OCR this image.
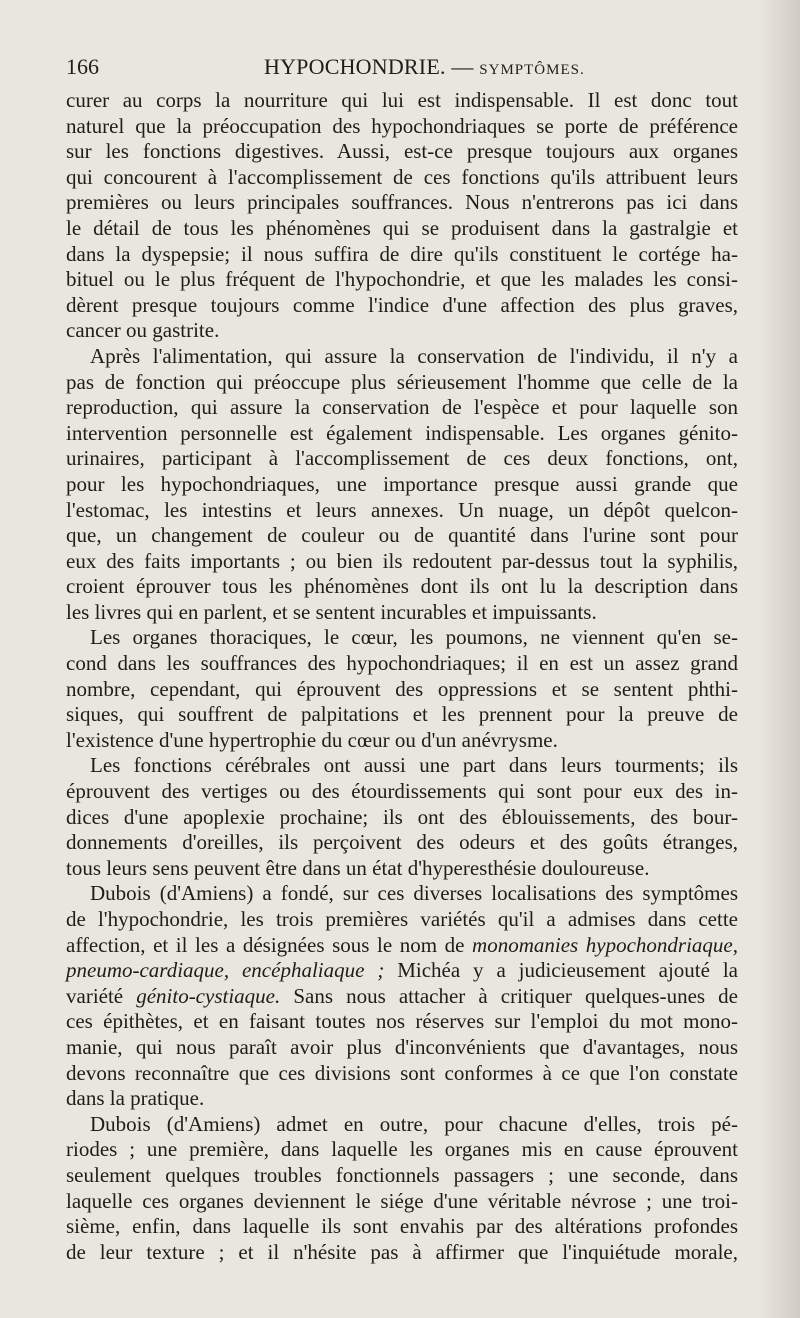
166	HYPOCHONDRIE. — SYMPTÔMES.
curer au corps la nourriture qui lui est indispensable. Il est donc tout
naturel que la préoccupation des hypochondriaques se porte de préférence
sur les fonctions digestives. Aussi, est-ce presque toujours aux organes
qui concourent à l'accomplissement de ces fonctions qu'ils attribuent leurs
premières ou leurs principales souffrances. Nous n'entrerons pas ici dans
le détail de tous les phénomènes qui se produisent dans la gastralgie et
dans la dyspepsie; il nous suffira de dire qu'ils constituent le cortége ha-
bituel ou le plus fréquent de l'hypochondrie, et que les malades les consi-
dèrent presque toujours comme l'indice d'une affection des plus graves,
cancer ou gastrite.
Après l'alimentation, qui assure la conservation de l'individu, il n'y a
pas de fonction qui préoccupe plus sérieusement l'homme que celle de la
reproduction, qui assure la conservation de l'espèce et pour laquelle son
intervention personnelle est également indispensable. Les organes génito-
urinaires, participant à l'accomplissement de ces deux fonctions, ont,
pour les hypochondriaques, une importance presque aussi grande que
l'estomac, les intestins et leurs annexes. Un nuage, un dépôt quelcon-
que, un changement de couleur ou de quantité dans l'urine sont pour
eux des faits importants ; ou bien ils redoutent par-dessus tout la syphilis,
croient éprouver tous les phénomènes dont ils ont lu la description dans
les livres qui en parlent, et se sentent incurables et impuissants.
Les organes thoraciques, le cœur, les poumons, ne viennent qu'en se-
cond dans les souffrances des hypochondriaques; il en est un assez grand
nombre, cependant, qui éprouvent des oppressions et se sentent phthi-
siques, qui souffrent de palpitations et les prennent pour la preuve de
l'existence d'une hypertrophie du cœur ou d'un anévrysme.
Les fonctions cérébrales ont aussi une part dans leurs tourments; ils
éprouvent des vertiges ou des étourdissements qui sont pour eux des in-
dices d'une apoplexie prochaine; ils ont des éblouissements, des bour-
donnements d'oreilles, ils perçoivent des odeurs et des goûts étranges,
tous leurs sens peuvent être dans un état d'hyperesthésie douloureuse.
Dubois (d'Amiens) a fondé, sur ces diverses localisations des symptômes
de l'hypochondrie, les trois premières variétés qu'il a admises dans cette
affection, et il les a désignées sous le nom de monomanies hypochondriaque,
pneumo-cardiaque, encéphaliaque ; Michéa y a judicieusement ajouté la
variété génito-cystiaque. Sans nous attacher à critiquer quelques-unes de
ces épithètes, et en faisant toutes nos réserves sur l'emploi du mot mono-
manie, qui nous paraît avoir plus d'inconvénients que d'avantages, nous
devons reconnaître que ces divisions sont conformes à ce que l'on constate
dans la pratique.
Dubois (d'Amiens) admet en outre, pour chacune d'elles, trois pé-
riodes ; une première, dans laquelle les organes mis en cause éprouvent
seulement quelques troubles fonctionnels passagers ; une seconde, dans
laquelle ces organes deviennent le siége d'une véritable névrose ; une troi-
sième, enfin, dans laquelle ils sont envahis par des altérations profondes
de leur texture ; et il n'hésite pas à affirmer que l'inquiétude morale,
